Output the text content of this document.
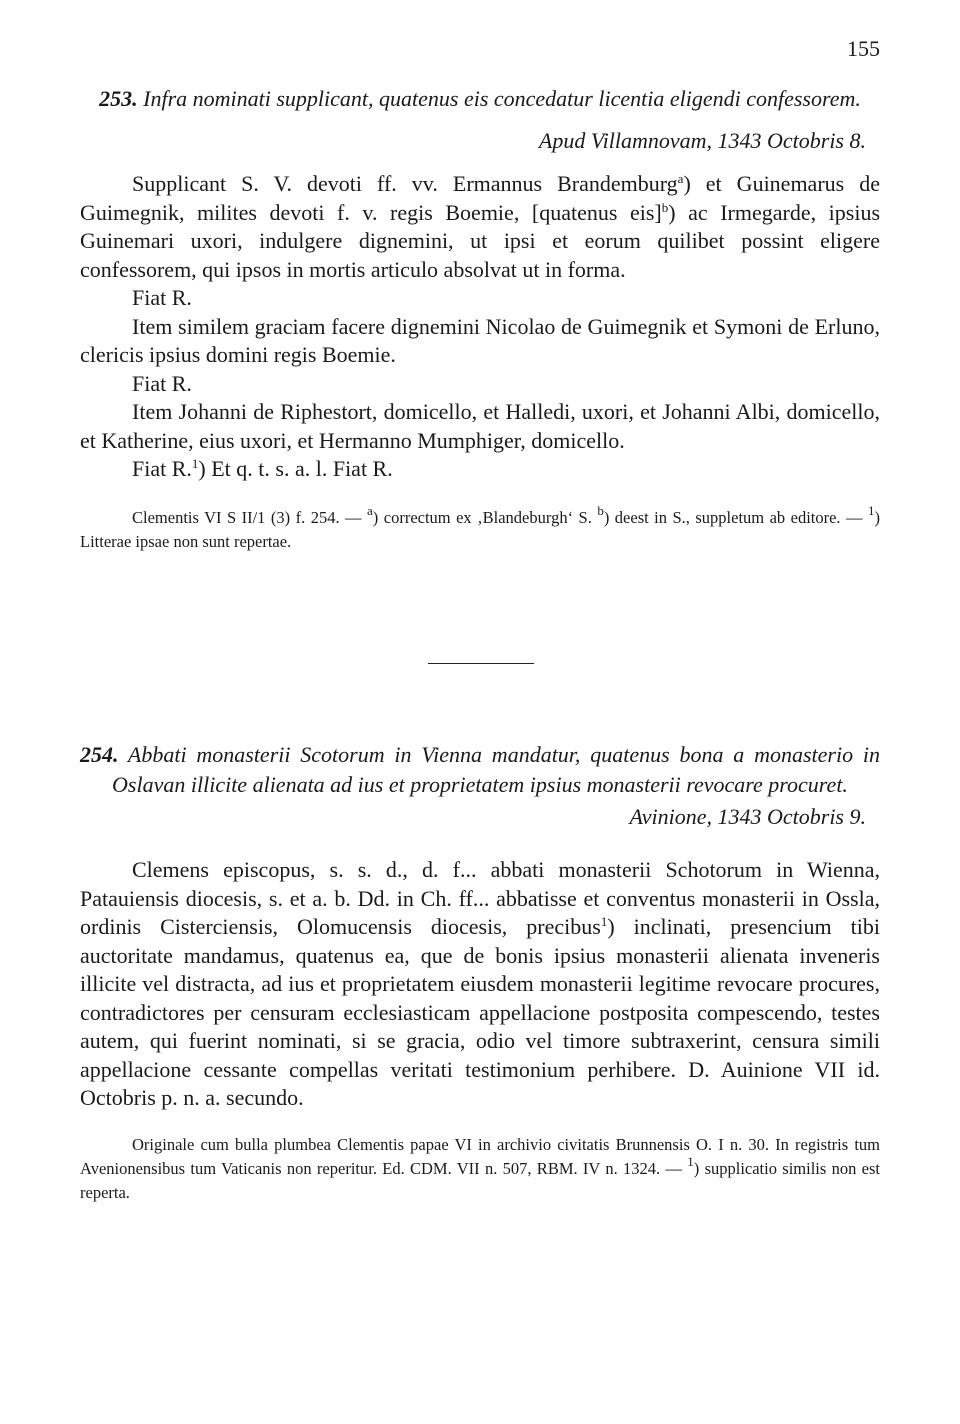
155

253. Infra nominati supplicant, quatenus eis concedatur licentia eligendi confessorem.

Apud Villamnovam, 1343 Octobris 8.

Supplicant S. V. devoti ff. vv. Ermannus Brandemburg$^a$) et Guinemarus de Guimegnik, milites devoti f. v. regis Boemie, [quatenus eis]$^b$) ac Irmegarde, ipsius Guinemari uxori, indulgere dignemini, ut ipsi et eorum quilibet possint eligere confessorem, qui ipsos in mortis articulo absolvat ut in forma.

Fiat R.

Item similem graciam facere dignemini Nicolao de Guimegnik et Symoni de Erluno, clericis ipsius domini regis Boemie.

Fiat R.

Item Johanni de Riphestort, domicello, et Halledi, uxori, et Johanni Albi, domicello, et Katherine, eius uxori, et Hermanno Mumphiger, domicello.

Fiat R.$^1$) Et q. t. s. a. l. Fiat R.

Clementis VI S II/1 (3) f. 254. — $^a$) correctum ex ‚Blandeburgh‘ S. $^b$) deest in S., suppletum ab editore. — $^1$) Litterae ipsae non sunt repertae.

254. Abbati monasterii Scotorum in Vienna mandatur, quatenus bona a monasterio in Oslavan illicite alienata ad ius et proprietatem ipsius monasterii revocare procuret.

Avinione, 1343 Octobris 9.

Clemens episcopus, s. s. d., d. f... abbati monasterii Schotorum in Wienna, Patauiensis diocesis, s. et a. b. Dd. in Ch. ff... abbatisse et conventus monasterii in Ossla, ordinis Cisterciensis, Olomucensis diocesis, precibus$^1$) inclinati, presencium tibi auctoritate mandamus, quatenus ea, que de bonis ipsius monasterii alienata inveneris illicite vel distracta, ad ius et proprietatem eiusdem monasterii legitime revocare procures, contradictores per censuram ecclesiasticam appellacione postposita compescendo, testes autem, qui fuerint nominati, si se gracia, odio vel timore subtraxerint, censura simili appellacione cessante compellas veritati testimonium perhibere. D. Auinione VII id. Octobris p. n. a. secundo.

Originale cum bulla plumbea Clementis papae VI in archivio civitatis Brunnensis O. I n. 30. In registris tum Avenionensibus tum Vaticanis non reperitur. Ed. CDM. VII n. 507, RBM. IV n. 1324. — $^1$) supplicatio similis non est reperta.
